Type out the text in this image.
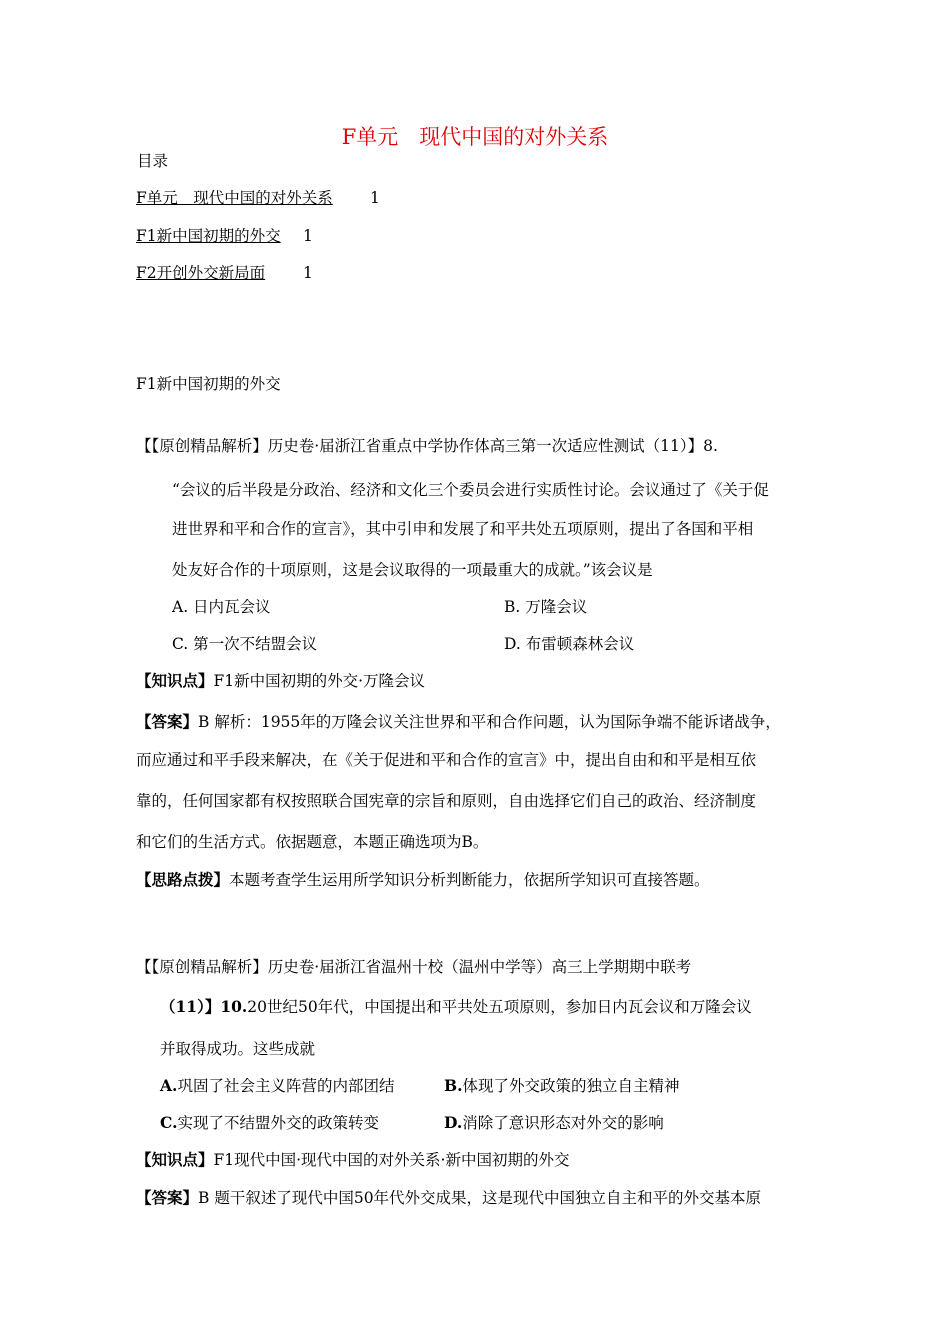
F单元　现代中国的对外关系
目录
F单元　现代中国的对外关系 1
F1新中国初期的外交 1
F2开创外交新局面 1
F1新中国初期的外交
【【原创精品解析】历史卷·届浙江省重点中学协作体高三第一次适应性测试（11）】8.
“会议的后半段是分政治、经济和文化三个委员会进行实质性讨论。会议通过了《关于促
进世界和平和合作的宣言》，其中引申和发展了和平共处五项原则，提出了各国和平相
处友好合作的十项原则，这是会议取得的一项最重大的成就。”该会议是
A. 日内瓦会议	B. 万隆会议
C. 第一次不结盟会议	D. 布雷顿森林会议
【知识点】F1新中国初期的外交·万隆会议
【答案】B 解析：1955年的万隆会议关注世界和平和合作问题，认为国际争端不能诉诸战争，
而应通过和平手段来解决，在《关于促进和平和合作的宣言》中，提出自由和和平是相互依
靠的，任何国家都有权按照联合国宪章的宗旨和原则，自由选择它们自己的政治、经济制度
和它们的生活方式。依据题意，本题正确选项为B。
【思路点拨】本题考查学生运用所学知识分析判断能力，依据所学知识可直接答题。
【【原创精品解析】历史卷·届浙江省温州十校（温州中学等）高三上学期期中联考
（11）】10.20世纪50年代，中国提出和平共处五项原则，参加日内瓦会议和万隆会议
并取得成功。这些成就
A.巩固了社会主义阵营的内部团结	B.体现了外交政策的独立自主精神
C.实现了不结盟外交的政策转变	D.消除了意识形态对外交的影响
【知识点】F1现代中国·现代中国的对外关系·新中国初期的外交
【答案】B 题干叙述了现代中国50年代外交成果，这是现代中国独立自主和平的外交基本原
